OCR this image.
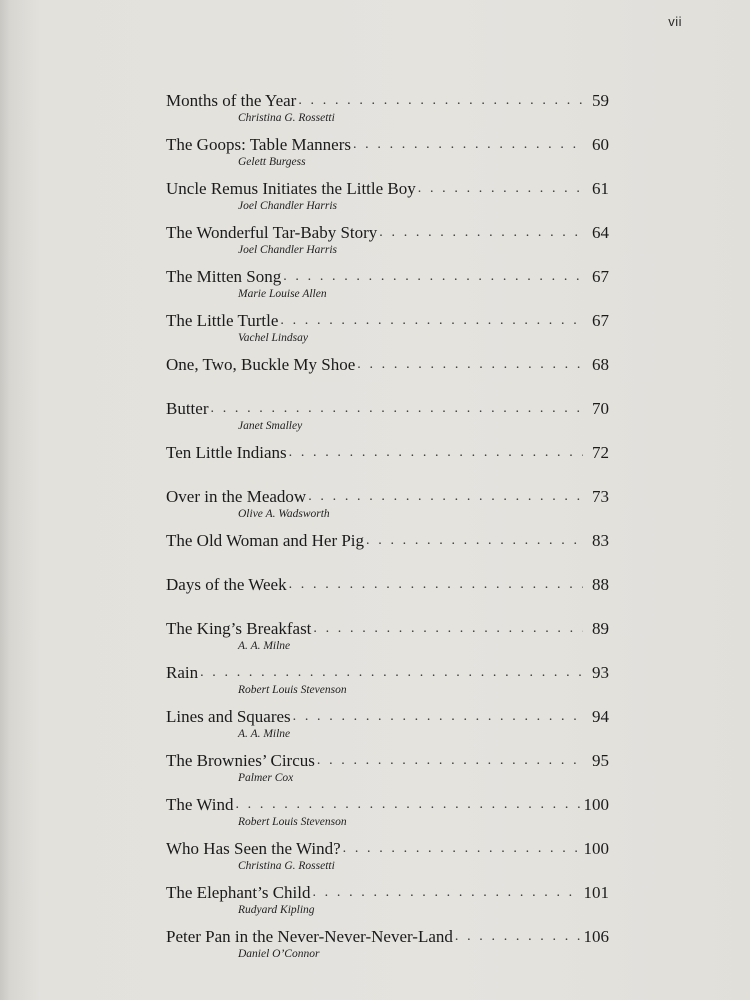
vii
Months of the Year . . .	59
Christina G. Rossetti
The Goops: Table Manners . . .	60
Gelett Burgess
Uncle Remus Initiates the Little Boy . . .	61
Joel Chandler Harris
The Wonderful Tar-Baby Story . . .	64
Joel Chandler Harris
The Mitten Song . . .	67
Marie Louise Allen
The Little Turtle . . .	67
Vachel Lindsay
One, Two, Buckle My Shoe . . .	68
Butter . . .	70
Janet Smalley
Ten Little Indians . . .	72
Over in the Meadow . . .	73
Olive A. Wadsworth
The Old Woman and Her Pig . . .	83
Days of the Week . . .	88
The King’s Breakfast . . .	89
A. A. Milne
Rain . . .	93
Robert Louis Stevenson
Lines and Squares . . .	94
A. A. Milne
The Brownies’ Circus . . .	95
Palmer Cox
The Wind . . .	100
Robert Louis Stevenson
Who Has Seen the Wind? . . .	100
Christina G. Rossetti
The Elephant’s Child . . .	101
Rudyard Kipling
Peter Pan in the Never-Never-Never-Land . . .	106
Daniel O’Connor
